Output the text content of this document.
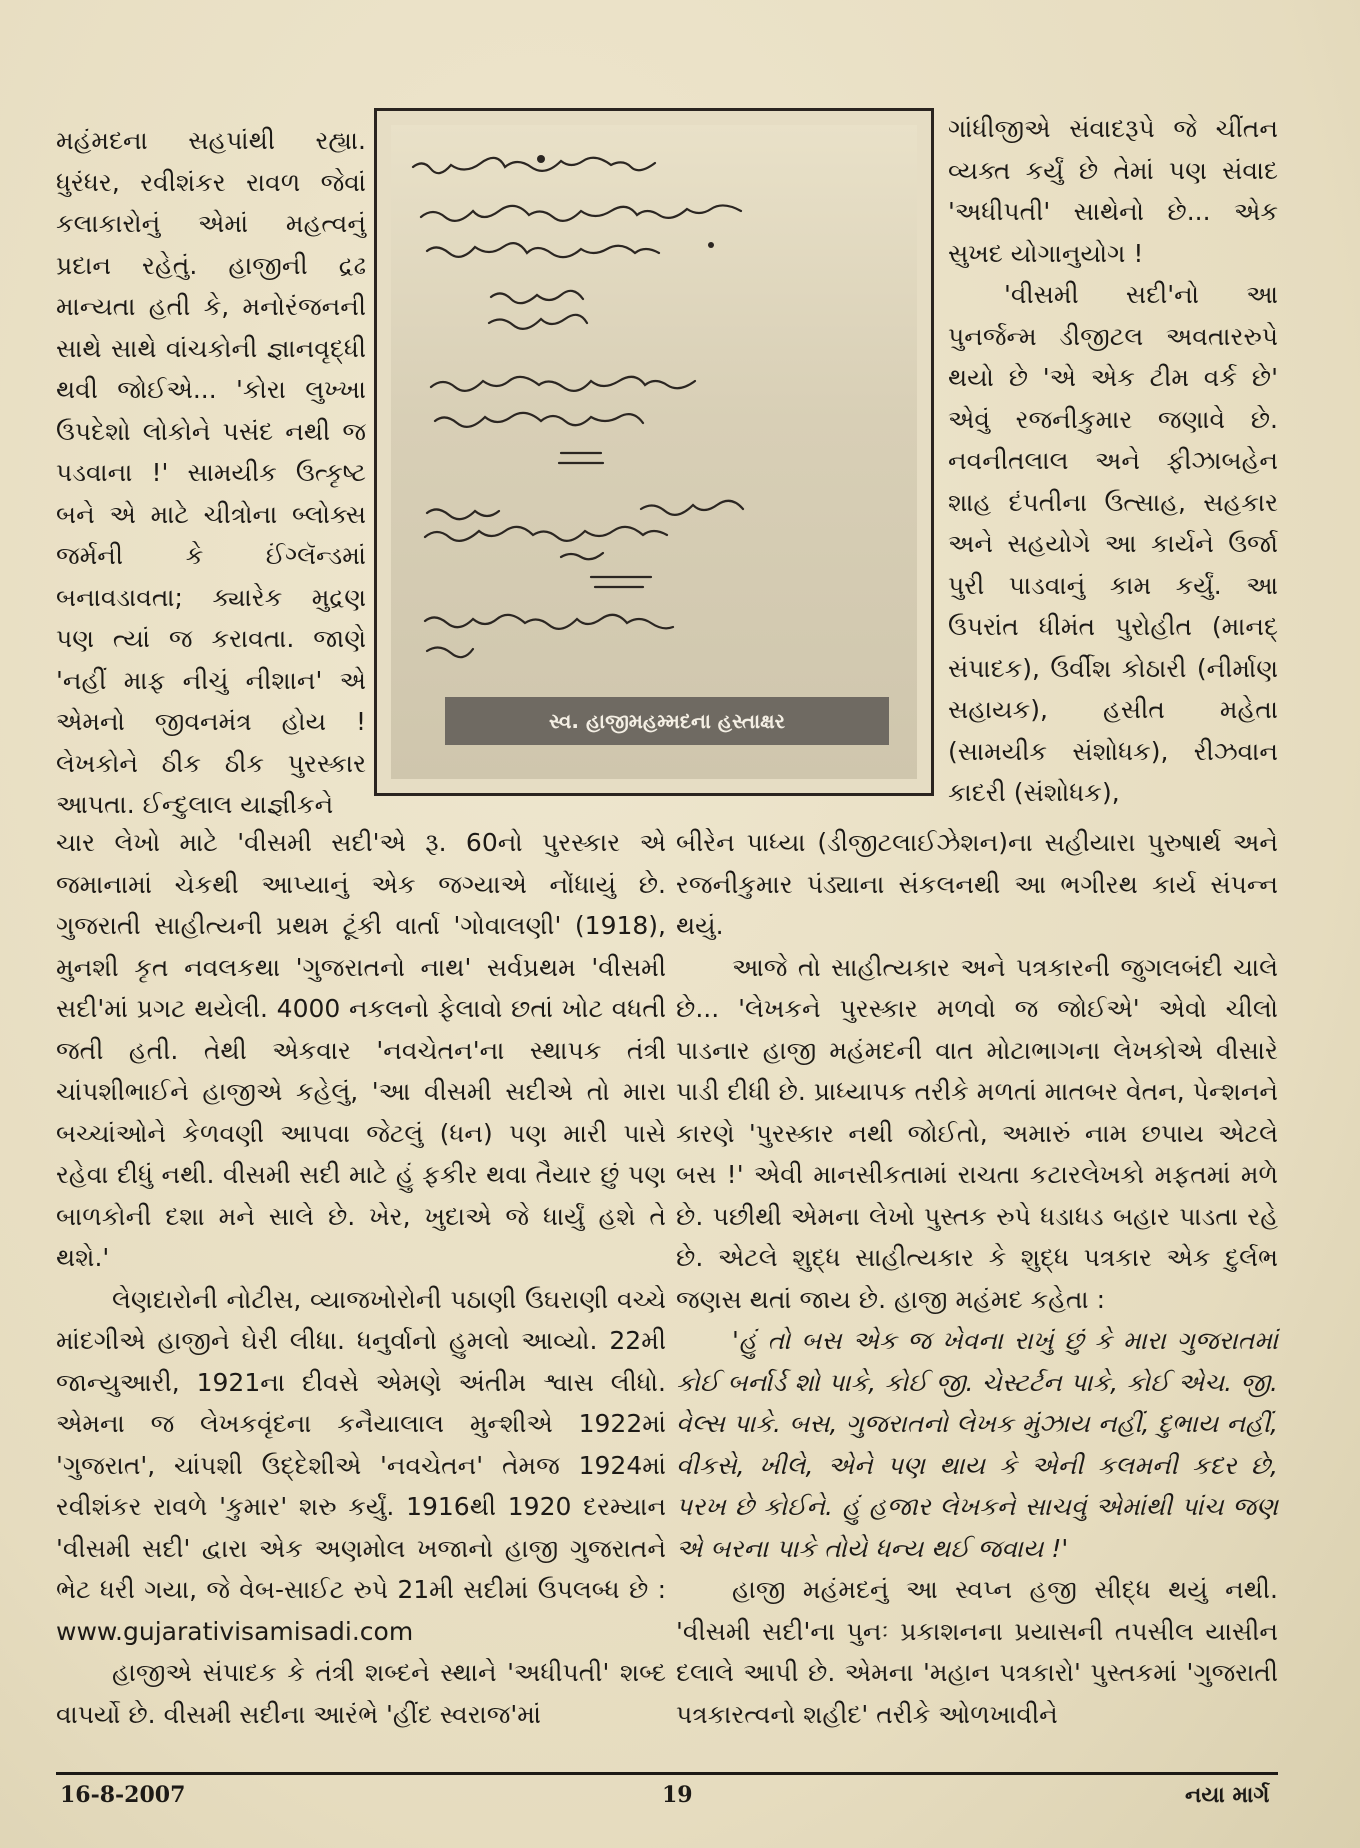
મહંમદના સહપાંથી રહ્યા. ધુરંધર, રવીશંકર રાવળ જેવાં કલાકારોનું એમાં મહત્વનું પ્રદાન રહેતું. હાજીની દ્રઢ માન્યતા હતી કે, મનોરંજનની સાથે સાથે વાંચકોની જ્ઞાનવૃદ્ધી થવી જોઈએ... 'કોરા લુખ્ખા ઉપદેશો લોકોને પસંદ નથી જ પડવાના !' સામયીક ઉત્કૃષ્ટ બને એ માટે ચીત્રોના બ્લોક્સ જર્મની કે ઈંગ્લૅન્ડમાં બનાવડાવતા; ક્યારેક મુદ્રણ પણ ત્યાં જ કરાવતા. જાણે 'નહીં માફ નીચું નીશાન' એ એમનો જીવનમંત્ર હોય ! લેખકોને ઠીક ઠીક પુરસ્કાર આપતા. ઈન્દુલાલ યાજ્ઞીકને

સ્વ. હાજીમહમ્મદના હસ્તાક્ષર

ગાંધીજીએ સંવાદરૂપે જે ચીંતન વ્યક્ત કર્યું છે તેમાં પણ સંવાદ 'અધીપતી' સાથેનો છે... એક સુખદ યોગાનુયોગ !

'વીસમી સદી'નો આ પુનર્જન્મ ડીજીટલ અવતારરુપે થયો છે 'એ એક ટીમ વર્ક છે' એવું રજનીકુમાર જણાવે છે. નવનીતલાલ અને ફીઝાબહેન શાહ દંપતીના ઉત્સાહ, સહકાર અને સહયોગે આ કાર્યને ઉર્જા પુરી પાડવાનું કામ કર્યું. આ ઉપરાંત ધીમંત પુરોહીત (માનદ્ સંપાદક), ઉર્વીશ કોઠારી (નીર્માણ સહાયક), હસીત મહેતા (સામયીક સંશોધક), રીઝવાન કાદરી (સંશોધક),

ચાર લેખો માટે 'વીસમી સદી'એ રૂ. 60નો પુરસ્કાર એ જમાનામાં ચેકથી આપ્યાનું એક જગ્યાએ નોંધાયું છે. ગુજરાતી સાહીત્યની પ્રથમ ટૂંકી વાર્તા 'ગોવાલણી' (1918), મુનશી કૃત નવલકથા 'ગુજરાતનો નાથ' સર્વપ્રથમ 'વીસમી સદી'માં પ્રગટ થયેલી. 4000 નકલનો ફેલાવો છતાં ખોટ વધતી જતી હતી. તેથી એકવાર 'નવચેતન'ના સ્થાપક તંત્રી ચાંપશીભાઈને હાજીએ કહેલું, 'આ વીસમી સદીએ તો મારા બચ્ચાંઓને કેળવણી આપવા જેટલું (ધન) પણ મારી પાસે રહેવા દીધું નથી. વીસમી સદી માટે હું ફકીર થવા તૈયાર છું પણ બાળકોની દશા મને સાલે છે. ખેર, ખુદાએ જે ધાર્યું હશે તે થશે.'

લેણદારોની નોટીસ, વ્યાજખોરોની પઠાણી ઉઘરાણી વચ્ચે માંદગીએ હાજીને ઘેરી લીધા. ધનુર્વાનો હુમલો આવ્યો. 22મી જાન્યુઆરી, 1921ના દીવસે એમણે અંતીમ શ્વાસ લીધો. એમના જ લેખકવૃંદના કનૈયાલાલ મુન્શીએ 1922માં 'ગુજરાત', ચાંપશી ઉદ્દેશીએ 'નવચેતન' તેમજ 1924માં રવીશંકર રાવળે 'કુમાર' શરુ કર્યું. 1916થી 1920 દરમ્યાન 'વીસમી સદી' દ્વારા એક અણમોલ ખજાનો હાજી ગુજરાતને ભેટ ધરી ગયા, જે વેબ-સાઈટ રુપે 21મી સદીમાં ઉપલબ્ધ છે : www.gujarativisamisadi.com

હાજીએ સંપાદક કે તંત્રી શબ્દને સ્થાને 'અધીપતી' શબ્દ વાપર્યો છે. વીસમી સદીના આરંભે 'હીંદ સ્વરાજ'માં

બીરેન પાધ્યા (ડીજીટલાઈઝેશન)ના સહીયારા પુરુષાર્થ અને રજનીકુમાર પંડ્યાના સંકલનથી આ ભગીરથ કાર્ય સંપન્ન થયું.

આજે તો સાહીત્યકાર અને પત્રકારની જુગલબંદી ચાલે છે... 'લેખકને પુરસ્કાર મળવો જ જોઈએ' એવો ચીલો પાડનાર હાજી મહંમદની વાત મોટાભાગના લેખકોએ વીસારે પાડી દીધી છે. પ્રાધ્યાપક તરીકે મળતાં માતબર વેતન, પેન્શનને કારણે 'પુરસ્કાર નથી જોઈતો, અમારું નામ છપાય એટલે બસ !' એવી માનસીકતામાં રાચતા કટારલેખકો મફતમાં મળે છે. પછીથી એમના લેખો પુસ્તક રુપે ધડાધડ બહાર પાડતા રહે છે. એટલે શુદ્ધ સાહીત્યકાર કે શુદ્ધ પત્રકાર એક દુર્લભ જણસ થતાં જાય છે. હાજી મહંમદ કહેતા :

'હું તો બસ એક જ ખેવના રાખું છું કે મારા ગુજરાતમાં કોઈ બર્નાર્ડ શો પાકે, કોઈ જી. ચેસ્ટર્ટન પાકે, કોઈ એચ. જી. વેલ્સ પાકે. બસ, ગુજરાતનો લેખક મુંઝાય નહીં, દુભાય નહીં, વીકસે, ખીલે, એને પણ થાય કે એની કલમની કદર છે, પરખ છે કોઈને. હું હજાર લેખકને સાચવું એમાંથી પાંચ જણ એ બરના પાકે તોયે ધન્ય થઈ જવાય !'

હાજી મહંમદનું આ સ્વપ્ન હજી સીદ્ધ થયું નથી. 'વીસમી સદી'ના પુનઃ પ્રકાશનના પ્રયાસની તપસીલ યાસીન દલાલે આપી છે. એમના 'મહાન પત્રકારો' પુસ્તકમાં 'ગુજરાતી પત્રકારત્વનો શહીદ' તરીકે ઓળખાવીને

16-8-2007	19	નયા માર્ગ
